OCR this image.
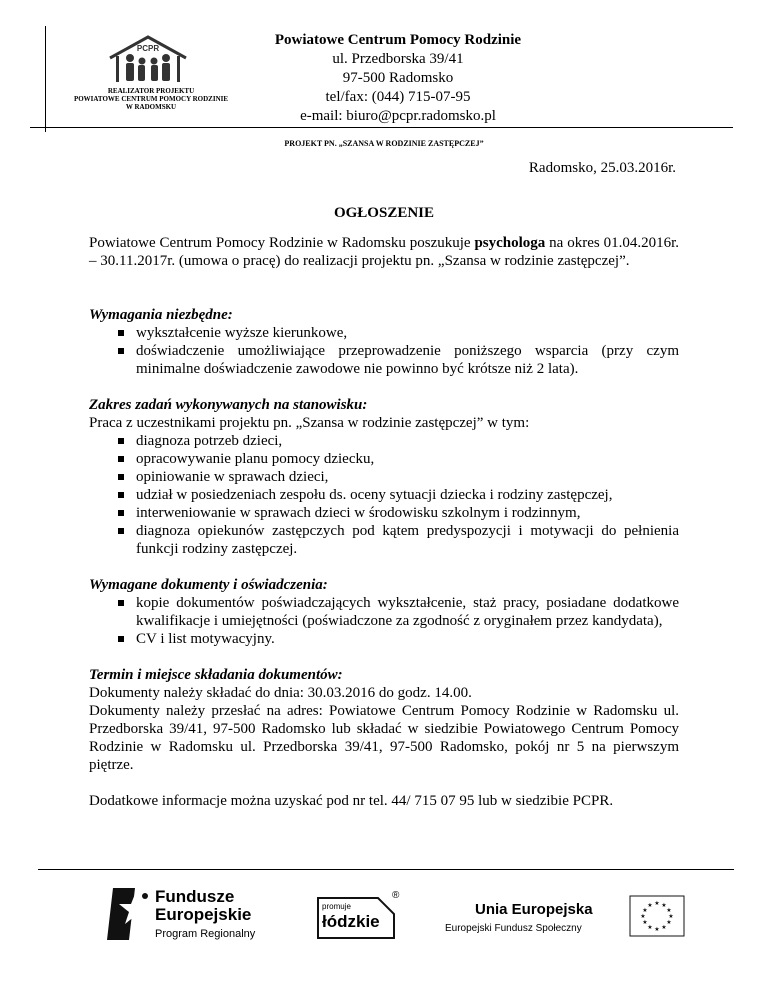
PCPR
REALIZATOR PROJEKTU
POWIATOWE CENTRUM POMOCY RODZINIE
W RADOMSKU
Powiatowe Centrum Pomocy Rodzinie
ul. Przedborska 39/41
97-500 Radomsko
tel/fax: (044) 715-07-95
e-mail: biuro@pcpr.radomsko.pl
PROJEKT PN. „SZANSA W RODZINIE ZASTĘPCZEJ”
Radomsko, 25.03.2016r.
OGŁOSZENIE

Powiatowe Centrum Pomocy Rodzinie w Radomsku poszukuje psychologa na okres 01.04.2016r. – 30.11.2017r. (umowa o pracę) do realizacji projektu pn. „Szansa w rodzinie zastępczej”.

Wymagania niezbędne:

wykształcenie wyższe kierunkowe,
doświadczenie umożliwiające przeprowadzenie poniższego wsparcia (przy czym minimalne doświadczenie zawodowe nie powinno być krótsze niż 2 lata).

Zakres zadań wykonywanych na stanowisku:

Praca z uczestnikami projektu pn. „Szansa w rodzinie zastępczej” w tym:

diagnoza potrzeb dzieci,
opracowywanie planu pomocy dziecku,
opiniowanie w sprawach dzieci,
udział w posiedzeniach zespołu ds. oceny sytuacji dziecka i rodziny zastępczej,
interweniowanie w sprawach dzieci w środowisku szkolnym i rodzinnym,
diagnoza opiekunów zastępczych pod kątem predyspozycji i motywacji do pełnienia funkcji rodziny zastępczej.

Wymagane dokumenty i oświadczenia:

kopie dokumentów poświadczających wykształcenie, staż pracy, posiadane dodatkowe kwalifikacje i umiejętności (poświadczone za zgodność z oryginałem przez kandydata),
CV i list motywacyjny.

Termin i miejsce składania dokumentów:

Dokumenty należy składać do dnia: 30.03.2016 do godz. 14.00.

Dokumenty należy przesłać na adres: Powiatowe Centrum Pomocy Rodzinie w Radomsku ul. Przedborska 39/41, 97-500 Radomsko lub składać w siedzibie Powiatowego Centrum Pomocy Rodzinie w Radomsku ul. Przedborska 39/41, 97-500 Radomsko, pokój nr 5 na pierwszym piętrze.

Dodatkowe informacje można uzyskać pod nr tel. 44/ 715 07 95 lub w siedzibie PCPR.

Fundusze
Europejskie
Program Regionalny
promuje
łódzkie
®
Unia Europejska
Europejski Fundusz Społeczny
★ ★
★
★
★
★
★
★
★
★
★
★
